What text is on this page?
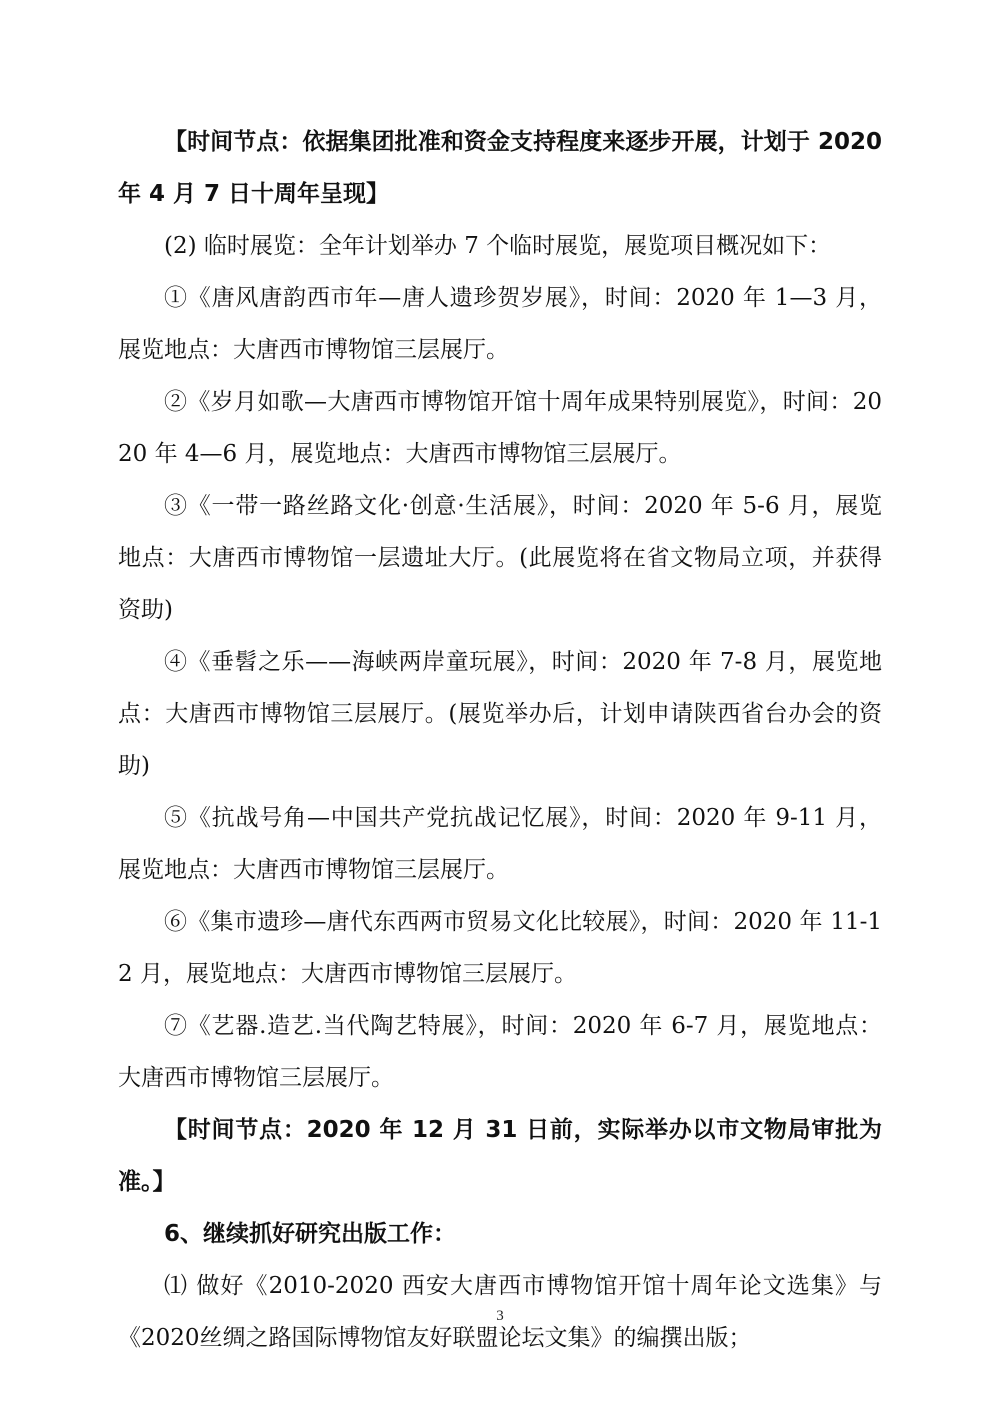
【时间节点：依据集团批准和资金支持程度来逐步开展，计划于 2020 年 4 月 7 日十周年呈现】

(2) 临时展览：全年计划举办 7 个临时展览，展览项目概况如下：

①《唐风唐韵西市年—唐人遗珍贺岁展》，时间：2020 年 1—3 月，展览地点：大唐西市博物馆三层展厅。

②《岁月如歌—大唐西市博物馆开馆十周年成果特别展览》，时间：2020 年 4—6 月，展览地点：大唐西市博物馆三层展厅。

③《一带一路丝路文化·创意·生活展》，时间：2020 年 5-6 月，展览地点：大唐西市博物馆一层遗址大厅。(此展览将在省文物局立项，并获得资助)

④《垂髫之乐——海峡两岸童玩展》，时间：2020 年 7-8 月，展览地点：大唐西市博物馆三层展厅。(展览举办后，计划申请陕西省台办会的资助)

⑤《抗战号角—中国共产党抗战记忆展》，时间：2020 年 9-11 月，展览地点：大唐西市博物馆三层展厅。

⑥《集市遗珍—唐代东西两市贸易文化比较展》，时间：2020 年 11-12 月，展览地点：大唐西市博物馆三层展厅。

⑦《艺器.造艺.当代陶艺特展》，时间：2020 年 6-7 月，展览地点：大唐西市博物馆三层展厅。

【时间节点：2020 年 12 月 31 日前，实际举办以市文物局审批为准。】

6、继续抓好研究出版工作：

⑴ 做好《2010-2020 西安大唐西市博物馆开馆十周年论文选集》与《2020丝绸之路国际博物馆友好联盟论坛文集》的编撰出版；

3
